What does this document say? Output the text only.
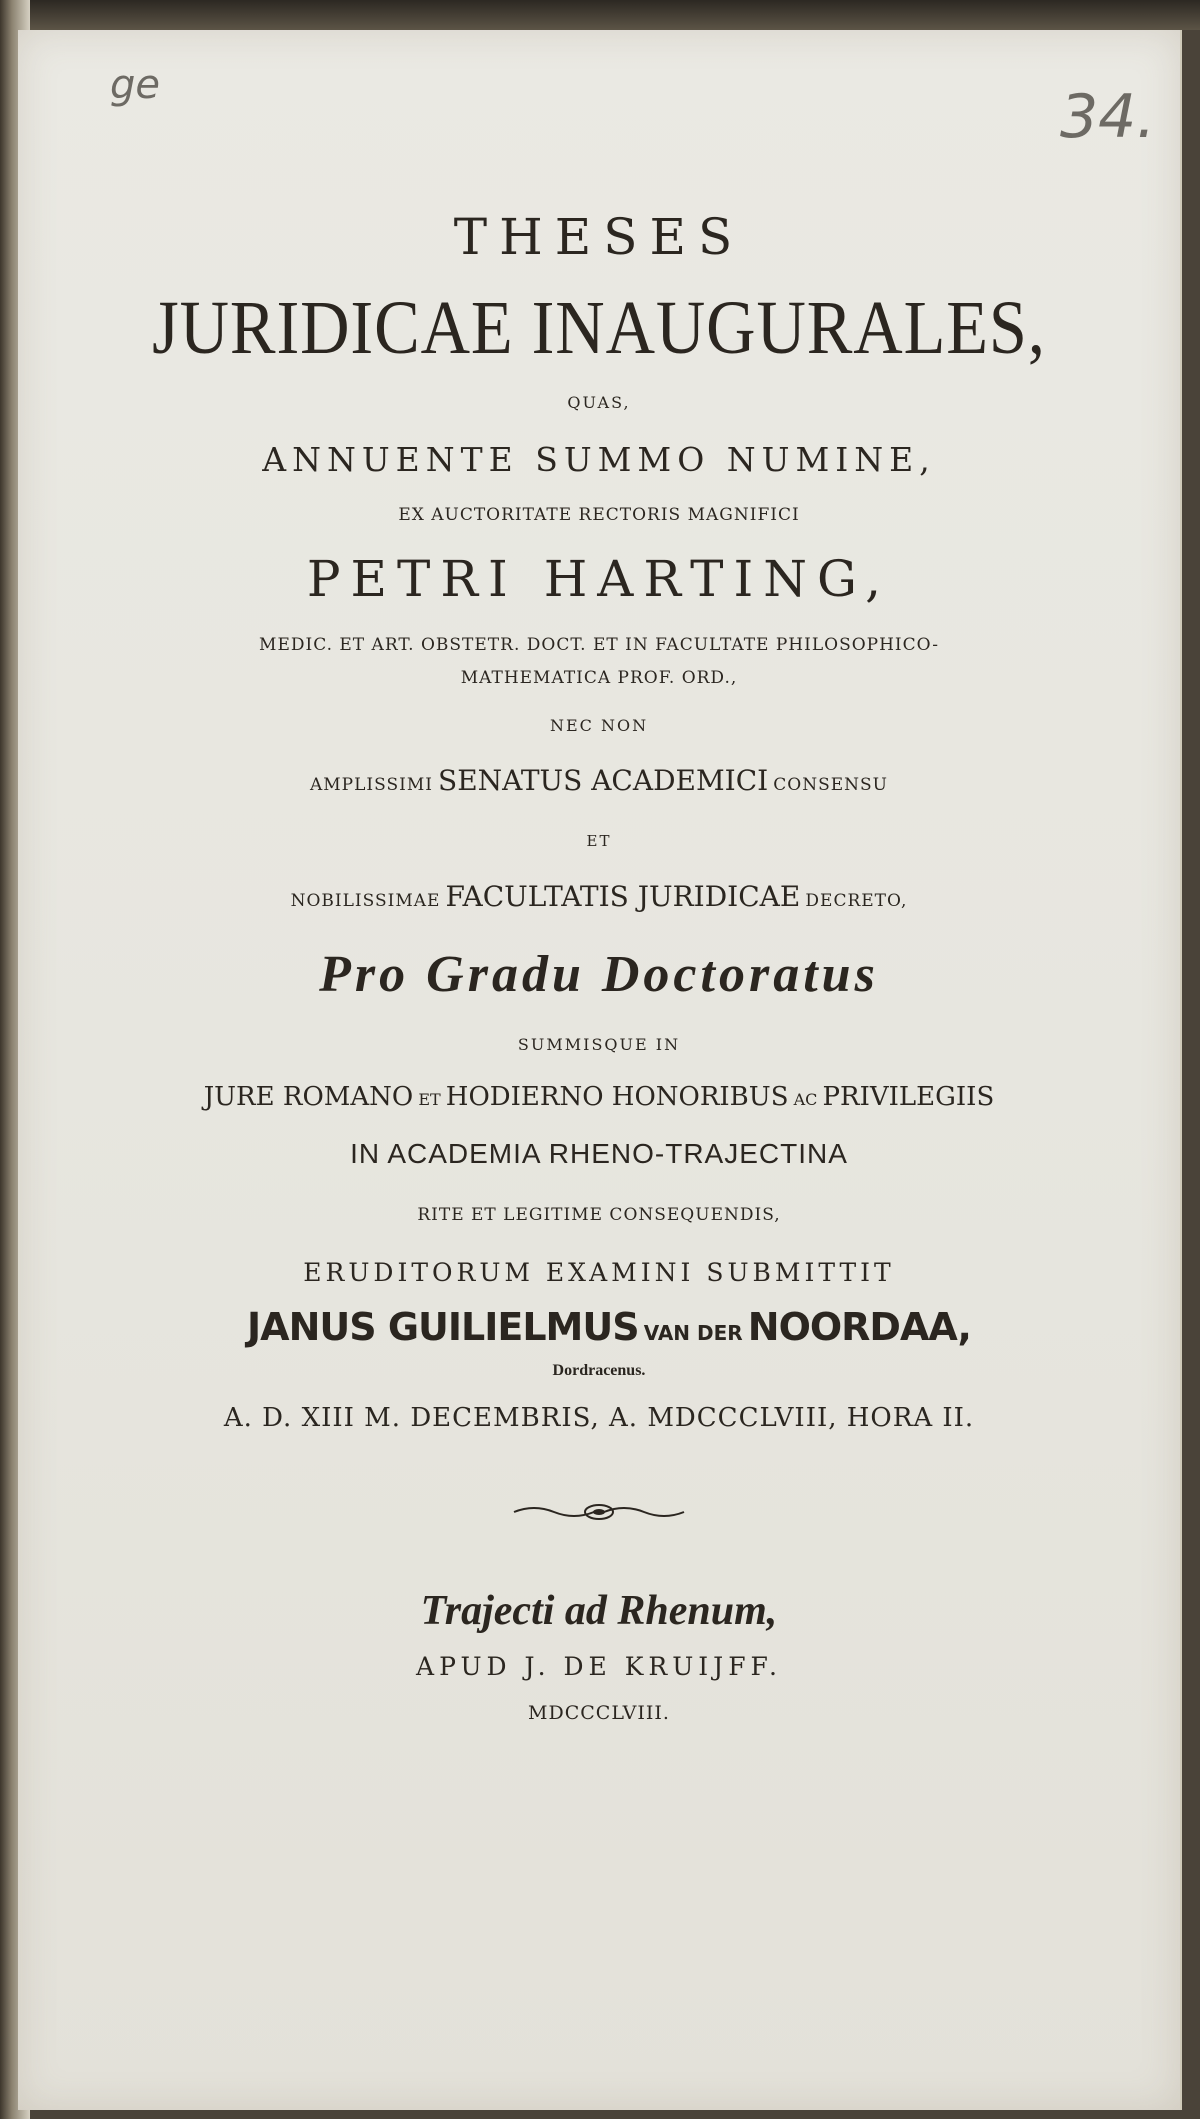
ge	34.
THESES
JURIDICAE INAUGURALES,
QUAS,
ANNUENTE SUMMO NUMINE,
EX AUCTORITATE RECTORIS MAGNIFICI
PETRI HARTING,
MEDIC. ET ART. OBSTETR. DOCT. ET IN FACULTATE PHILOSOPHICO-
MATHEMATICA PROF. ORD.,
NEC NON
AMPLISSIMI SENATUS ACADEMICI CONSENSU
ET
NOBILISSIMAE FACULTATIS JURIDICAE DECRETO,
Pro Gradu Doctoratus
SUMMISQUE IN
JURE ROMANO ET HODIERNO HONORIBUS AC PRIVILEGIIS
IN ACADEMIA RHENO-TRAJECTINA
RITE ET LEGITIME CONSEQUENDIS,
ERUDITORUM EXAMINI SUBMITTIT
JANUS GUILIELMUS VAN DER NOORDAA,
Dordracenus.
A. D. XIII M. DECEMBRIS, A. MDCCCLVIII, HORA II.
Trajecti ad Rhenum,
APUD J. DE KRUIJFF.
MDCCCLVIII.
